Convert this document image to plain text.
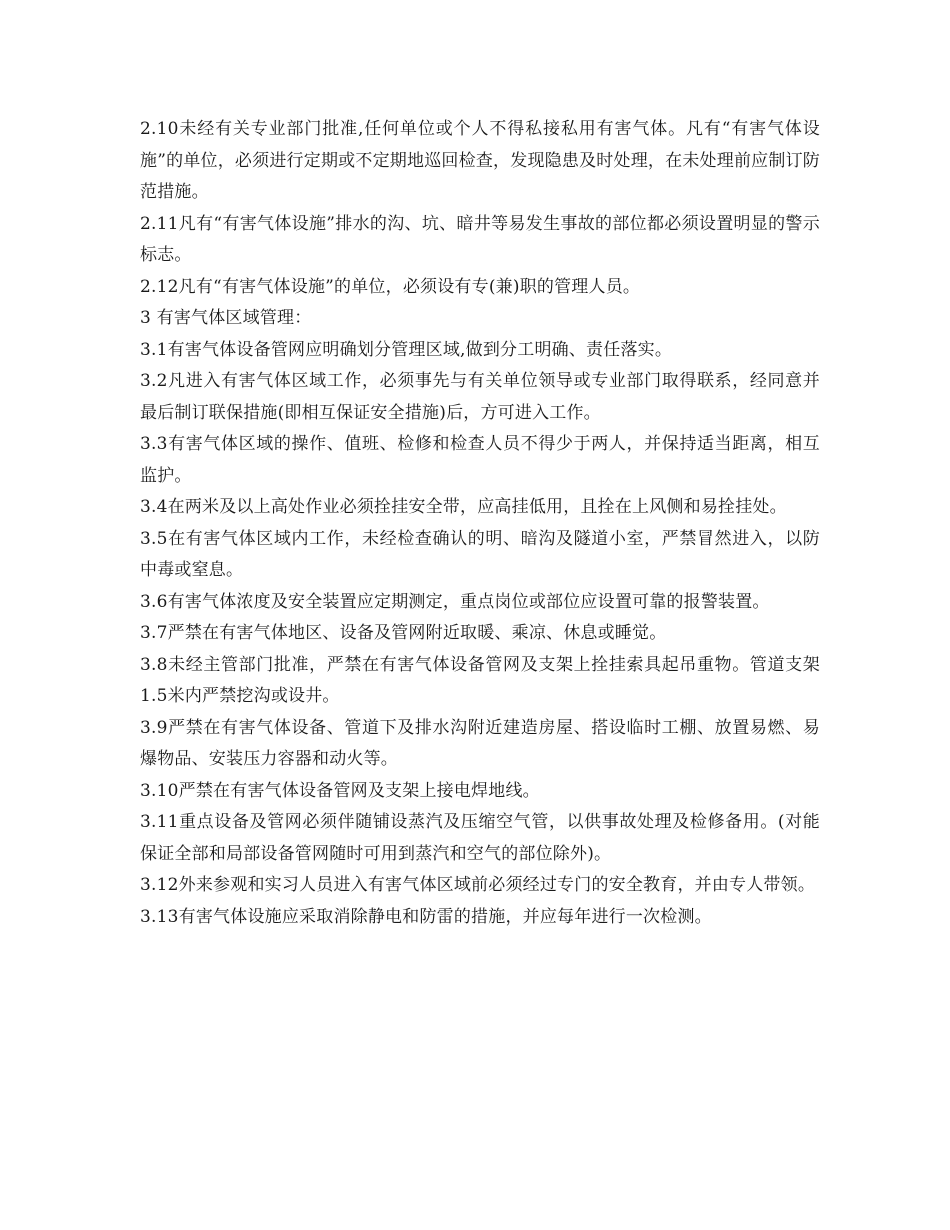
2.10未经有关专业部门批准,任何单位或个人不得私接私用有害气体。凡有“有害气体设施”的单位，必须进行定期或不定期地巡回检查，发现隐患及时处理，在未处理前应制订防范措施。

2.11凡有“有害气体设施”排水的沟、坑、暗井等易发生事故的部位都必须设置明显的警示标志。

2.12凡有“有害气体设施”的单位，必须设有专(兼)职的管理人员。

3 有害气体区域管理：

3.1有害气体设备管网应明确划分管理区域,做到分工明确、责任落实。

3.2凡进入有害气体区域工作，必须事先与有关单位领导或专业部门取得联系，经同意并最后制订联保措施(即相互保证安全措施)后，方可进入工作。

3.3有害气体区域的操作、值班、检修和检查人员不得少于两人，并保持适当距离，相互监护。

3.4在两米及以上高处作业必须拴挂安全带，应高挂低用，且拴在上风侧和易拴挂处。

3.5在有害气体区域内工作，未经检查确认的明、暗沟及隧道小室，严禁冒然进入，以防中毒或窒息。

3.6有害气体浓度及安全装置应定期测定，重点岗位或部位应设置可靠的报警装置。

3.7严禁在有害气体地区、设备及管网附近取暖、乘凉、休息或睡觉。

3.8未经主管部门批准，严禁在有害气体设备管网及支架上拴挂索具起吊重物。管道支架1.5米内严禁挖沟或设井。

3.9严禁在有害气体设备、管道下及排水沟附近建造房屋、搭设临时工棚、放置易燃、易爆物品、安装压力容器和动火等。

3.10严禁在有害气体设备管网及支架上接电焊地线。

3.11重点设备及管网必须伴随铺设蒸汽及压缩空气管，以供事故处理及检修备用。(对能保证全部和局部设备管网随时可用到蒸汽和空气的部位除外)。

3.12外来参观和实习人员进入有害气体区域前必须经过专门的安全教育，并由专人带领。

3.13有害气体设施应采取消除静电和防雷的措施，并应每年进行一次检测。
